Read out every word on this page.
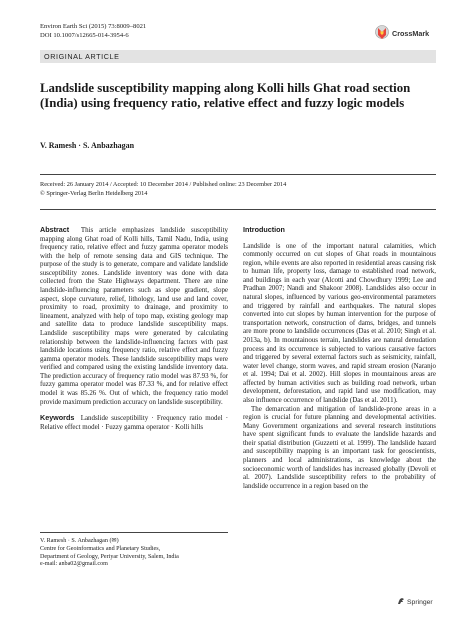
Environ Earth Sci (2015) 73:8009–8021
DOI 10.1007/s12665-014-3954-6	CrossMark
ORIGINAL ARTICLE
Landslide susceptibility mapping along Kolli hills Ghat road section (India) using frequency ratio, relative effect and fuzzy logic models
V. Ramesh · S. Anbazhagan
Received: 26 January 2014 / Accepted: 10 December 2014 / Published online: 23 December 2014
© Springer-Verlag Berlin Heidelberg 2014

Abstract This article emphasizes landslide susceptibility mapping along Ghat road of Kolli hills, Tamil Nadu, India, using frequency ratio, relative effect and fuzzy gamma operator models with the help of remote sensing data and GIS technique. The purpose of the study is to generate, compare and validate landslide susceptibility zones. Landslide inventory was done with data collected from the State Highways department. There are nine landslide-influencing parameters such as slope gradient, slope aspect, slope curvature, relief, lithology, land use and land cover, proximity to road, proximity to drainage, and proximity to lineament, analyzed with help of topo map, existing geology map and satellite data to produce landslide susceptibility maps. Landslide susceptibility maps were generated by calculating relationship between the landslide-influencing factors with past landslide locations using frequency ratio, relative effect and fuzzy gamma operator models. These landslide susceptibility maps were verified and compared using the existing landslide inventory data. The prediction accuracy of frequency ratio model was 87.93 %, for fuzzy gamma operator model was 87.33 %, and for relative effect model it was 85.26 %. Out of which, the frequency ratio model provide maximum prediction accuracy on landslide susceptibility.

Keywords Landslide susceptibility · Frequency ratio model · Relative effect model · Fuzzy gamma operator · Kolli hills

V. Ramesh · S. Anbazhagan (✉)
Centre for Geoinformatics and Planetary Studies,
Department of Geology, Periyar University, Salem, India
e-mail: anba02@gmail.com
Introduction

Landslide is one of the important natural calamities, which commonly occurred on cut slopes of Ghat roads in mountainous region, while events are also reported in residential areas causing risk to human life, property loss, damage to established road network, and buildings in each year (Alcotti and Chowdhury 1999; Lee and Pradhan 2007; Nandi and Shakoor 2008). Landslides also occur in natural slopes, influenced by various geo-environmental parameters and triggered by rainfall and earthquakes. The natural slopes converted into cut slopes by human intervention for the purpose of transportation network, construction of dams, bridges, and tunnels are more prone to landslide occurrences (Das et al. 2010; Singh et al. 2013a, b). In mountainous terrain, landslides are natural denudation process and its occurrence is subjected to various causative factors and triggered by several external factors such as seismicity, rainfall, water level change, storm waves, and rapid stream erosion (Naranjo et al. 1994; Dai et al. 2002). Hill slopes in mountainous areas are affected by human activities such as building road network, urban development, deforestation, and rapid land use modification, may also influence occurrence of landslide (Das et al. 2011).

The demarcation and mitigation of landslide-prone areas in a region is crucial for future planning and developmental activities. Many Government organizations and several research institutions have spent significant funds to evaluate the landslide hazards and their spatial distribution (Guzzetti et al. 1999). The landslide hazard and susceptibility mapping is an important task for geoscientists, planners and local administrations, as knowledge about the socioeconomic worth of landslides has increased globally (Devoli et al. 2007). Landslide susceptibility refers to the probability of landslide occurrence in a region based on the

Springer
